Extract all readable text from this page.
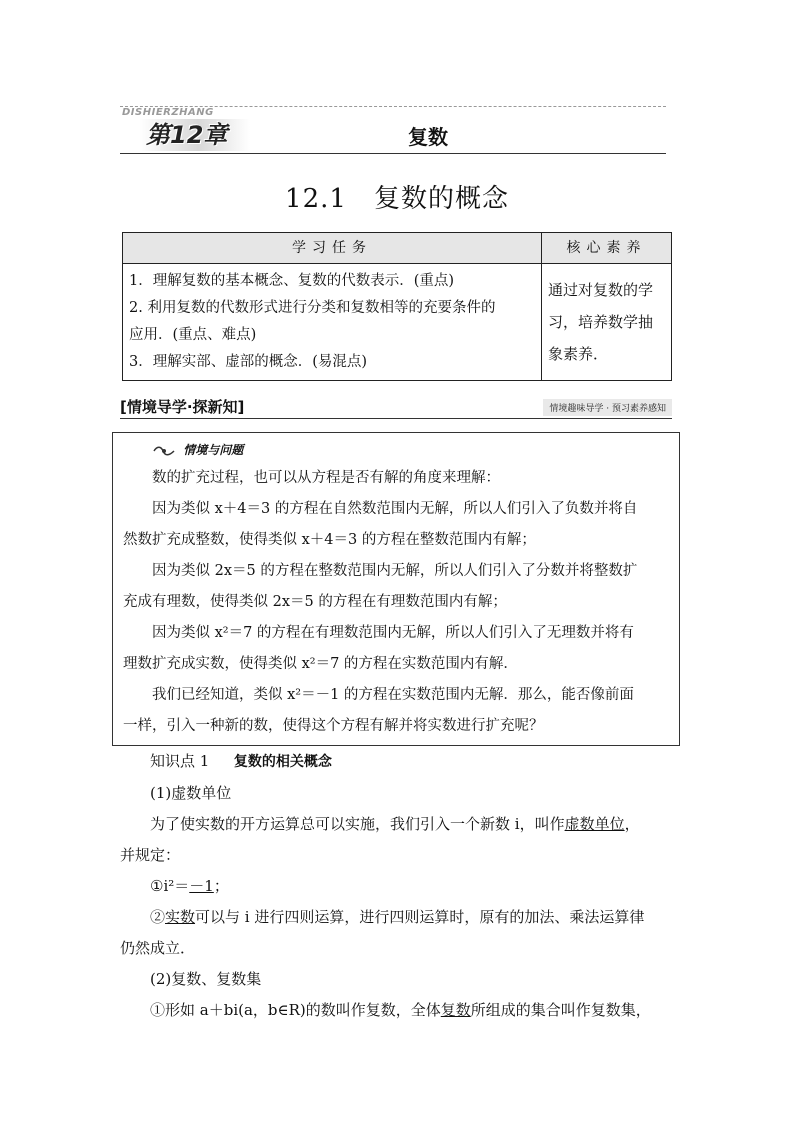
DISHIERZHANG
第12章	复数
12.1　复数的概念
学习任务	核心素养

1．理解复数的基本概念、复数的代数表示．(重点)
2. 利用复数的代数形式进行分类和复数相等的充要条件的
应用．(重点、难点)
3．理解实部、虚部的概念．(易混点)	通过对复数的学
习，培养数学抽
象素养．
[情境导学·探新知]	情境趣味导学 · 预习素养感知
情境与问题

数的扩充过程，也可以从方程是否有解的角度来理解：

因为类似 x＋4＝3 的方程在自然数范围内无解，所以人们引入了负数并将自

然数扩充成整数，使得类似 x＋4＝3 的方程在整数范围内有解；

因为类似 2x＝5 的方程在整数范围内无解，所以人们引入了分数并将整数扩

充成有理数，使得类似 2x＝5 的方程在有理数范围内有解；

因为类似 x²＝7 的方程在有理数范围内无解，所以人们引入了无理数并将有

理数扩充成实数，使得类似 x²＝7 的方程在实数范围内有解．

我们已经知道，类似 x²＝－1 的方程在实数范围内无解．那么，能否像前面

一样，引入一种新的数，使得这个方程有解并将实数进行扩充呢？

知识点 1 　 复数的相关概念

(1)虚数单位

为了使实数的开方运算总可以实施，我们引入一个新数 i，叫作虚数单位，

并规定：

①i²＝－1；

②实数可以与 i 进行四则运算，进行四则运算时，原有的加法、乘法运算律

仍然成立．

(2)复数、复数集

①形如 a＋bi(a，b∈R)的数叫作复数，全体复数所组成的集合叫作复数集，
